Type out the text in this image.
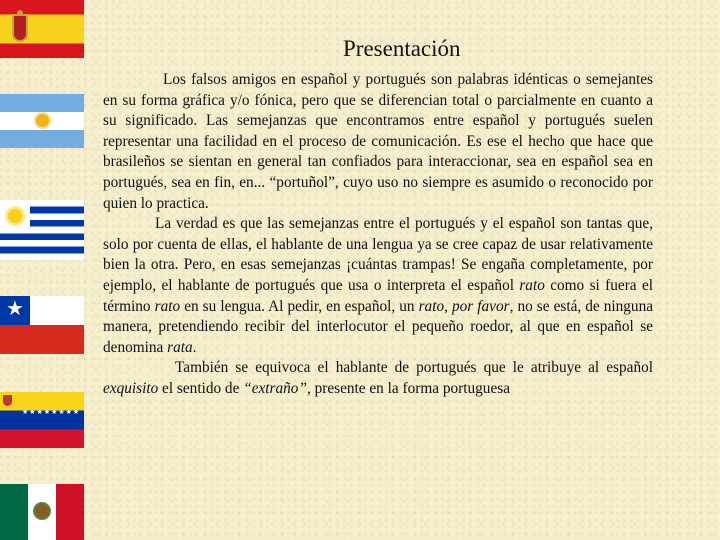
★
★★★★★★★★
Presentación

Los falsos amigos en español y portugués son palabras idénticas o semejantes en su forma gráfica y/o fónica, pero que se diferencian total o parcialmente en cuanto a su significado. Las semejanzas que encontramos entre español y portugués suelen representar una facilidad en el proceso de comunicación. Es ese el hecho que hace que brasileños se sientan en general tan confiados para interaccionar, sea en español sea en portugués, sea en fin, en... “portuñol”, cuyo uso no siempre es asumido o reconocido por quien lo practica.

La verdad es que las semejanzas entre el portugués y el español son tantas que, solo por cuenta de ellas, el hablante de una lengua ya se cree capaz de usar relativamente bien la otra. Pero, en esas semejanzas ¡cuántas trampas! Se engaña completamente, por ejemplo, el hablante de portugués que usa o interpreta el español rato como si fuera el término rato en su lengua. Al pedir, en español, un rato, por favor, no se está, de ninguna manera, pretendiendo recibir del interlocutor el pequeño roedor, al que en español se denomina rata.

También se equivoca el hablante de portugués que le atribuye al español exquisito el sentido de “extraño”, presente en la forma portuguesa
